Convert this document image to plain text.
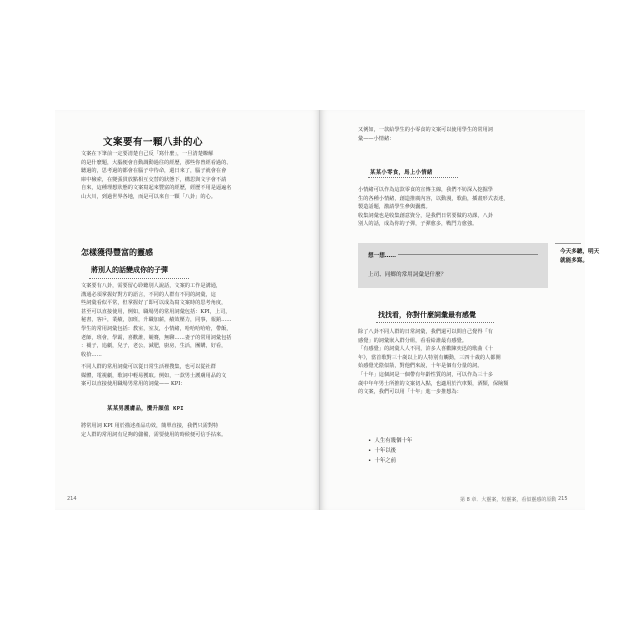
文案要有一顆八卦的心
文案在下筆前一定要清楚自己反「寫什麼」，一旦清楚瞭解
的是什麼題，大腦便會自動調動過往的經歷，那些你曾經看過的、
聽過的，思考過的都會在腦子中待命，還日來了，腦子就會在會
庫中檢索，在變張貫放點相互交替的狀態下，構思與文字會不請
自來，這種理想狀態的文案寫起來豐富的經歷，經歷不用是逼遍名
山大川，到過世界各地，而是可以來自一顆「八卦」的心。
怎樣獲得豐富的靈感
將別人的話變成你的子彈
文案要有八卦，需要留心聆聽別人說話，文案的工作是溝通，
溝通必須掌握好對方的語言，不同的人群有不同的詞彙，這
些詞彙看似平常，但掌握好了即可以成為寫文案時的思考角度，
甚至可以直接使用，例如，職場男的常用詞彙包括：KPI，上司，
秘書，客戶，業績，加班，升職加薪，績效壓力，同事，報銷……
學生的常用詞彙包括：教室，室友，小情緒，哈哈哈哈哈，帶飯，
老師，班會，學霸，喜歡誰，競賽，無聊……妻子的常用詞彙包括
：襪子，追劇，兒子，老公，減肥，廚房，生活，團購，好看，
收拾……
不同人群的常用詞彙可以從日常生活裡搜集，也可以從社群
媒體，電視劇，歌詞中輕易獲取。例如，一款男士護膚用品的文
案可以直接使用職場男常用的詞彙—— KPI：
某某男護膚品，攪升顏值 KPI
將常用詞 KPI 用於描述產品功效，簡單直接，我們只需對特
定人群的常用詞有足夠的儲備，需要使用的時候便可信手拈來。
214
又例如，一款給學生的小零食的文案可以使用學生的常用詞
彙——小情緒：
某某小零食，馬上小情緒
小情緒可以作為這款零食的宣傳主線，我們不妨深入挖掘學
生的各種小情緒，創造推廣內容，以動漫，歌曲，插畫形式表達，
製造話題，激請學生參與囊薦。
收集詞彙也是收集創意資分，是我們日常要做的功課，八卦
別人的話，成為你的子彈，子彈愈多，戰鬥力愈強。
今天多聽，明天
就能多寫。
想一想……
上司、同鄉的常用詞彙是什麼？
找找看，你對什麼詞彙最有感覺
除了八卦不同人群的日常詞彙，我們還可以問自己覺得「有
感覺」的詞彙嵌入群分組，看看給誰最有感覺。
「有感覺」的詞彙人人不同，許多人喜歡陳奕迅的歌曲《十
年》，當首歌對三十歲以上的人特別有觸動，三四十歲的人都開
始感覺光陰似箭，對他們來說，十年是個有分量的詞。
「十年」這個詞是一個帶有年齡性質的詞，可以作為三十多
歲中年年男士所推的文案切入點，也適用於汽車類，酒類，保險類
的文案，我們可以用「十年」進一步推想為：
• 人生有幾個十年
• 十年以後
• 十年之前
第 8 章．大靈案，短靈案，看似靈感的原動 215
